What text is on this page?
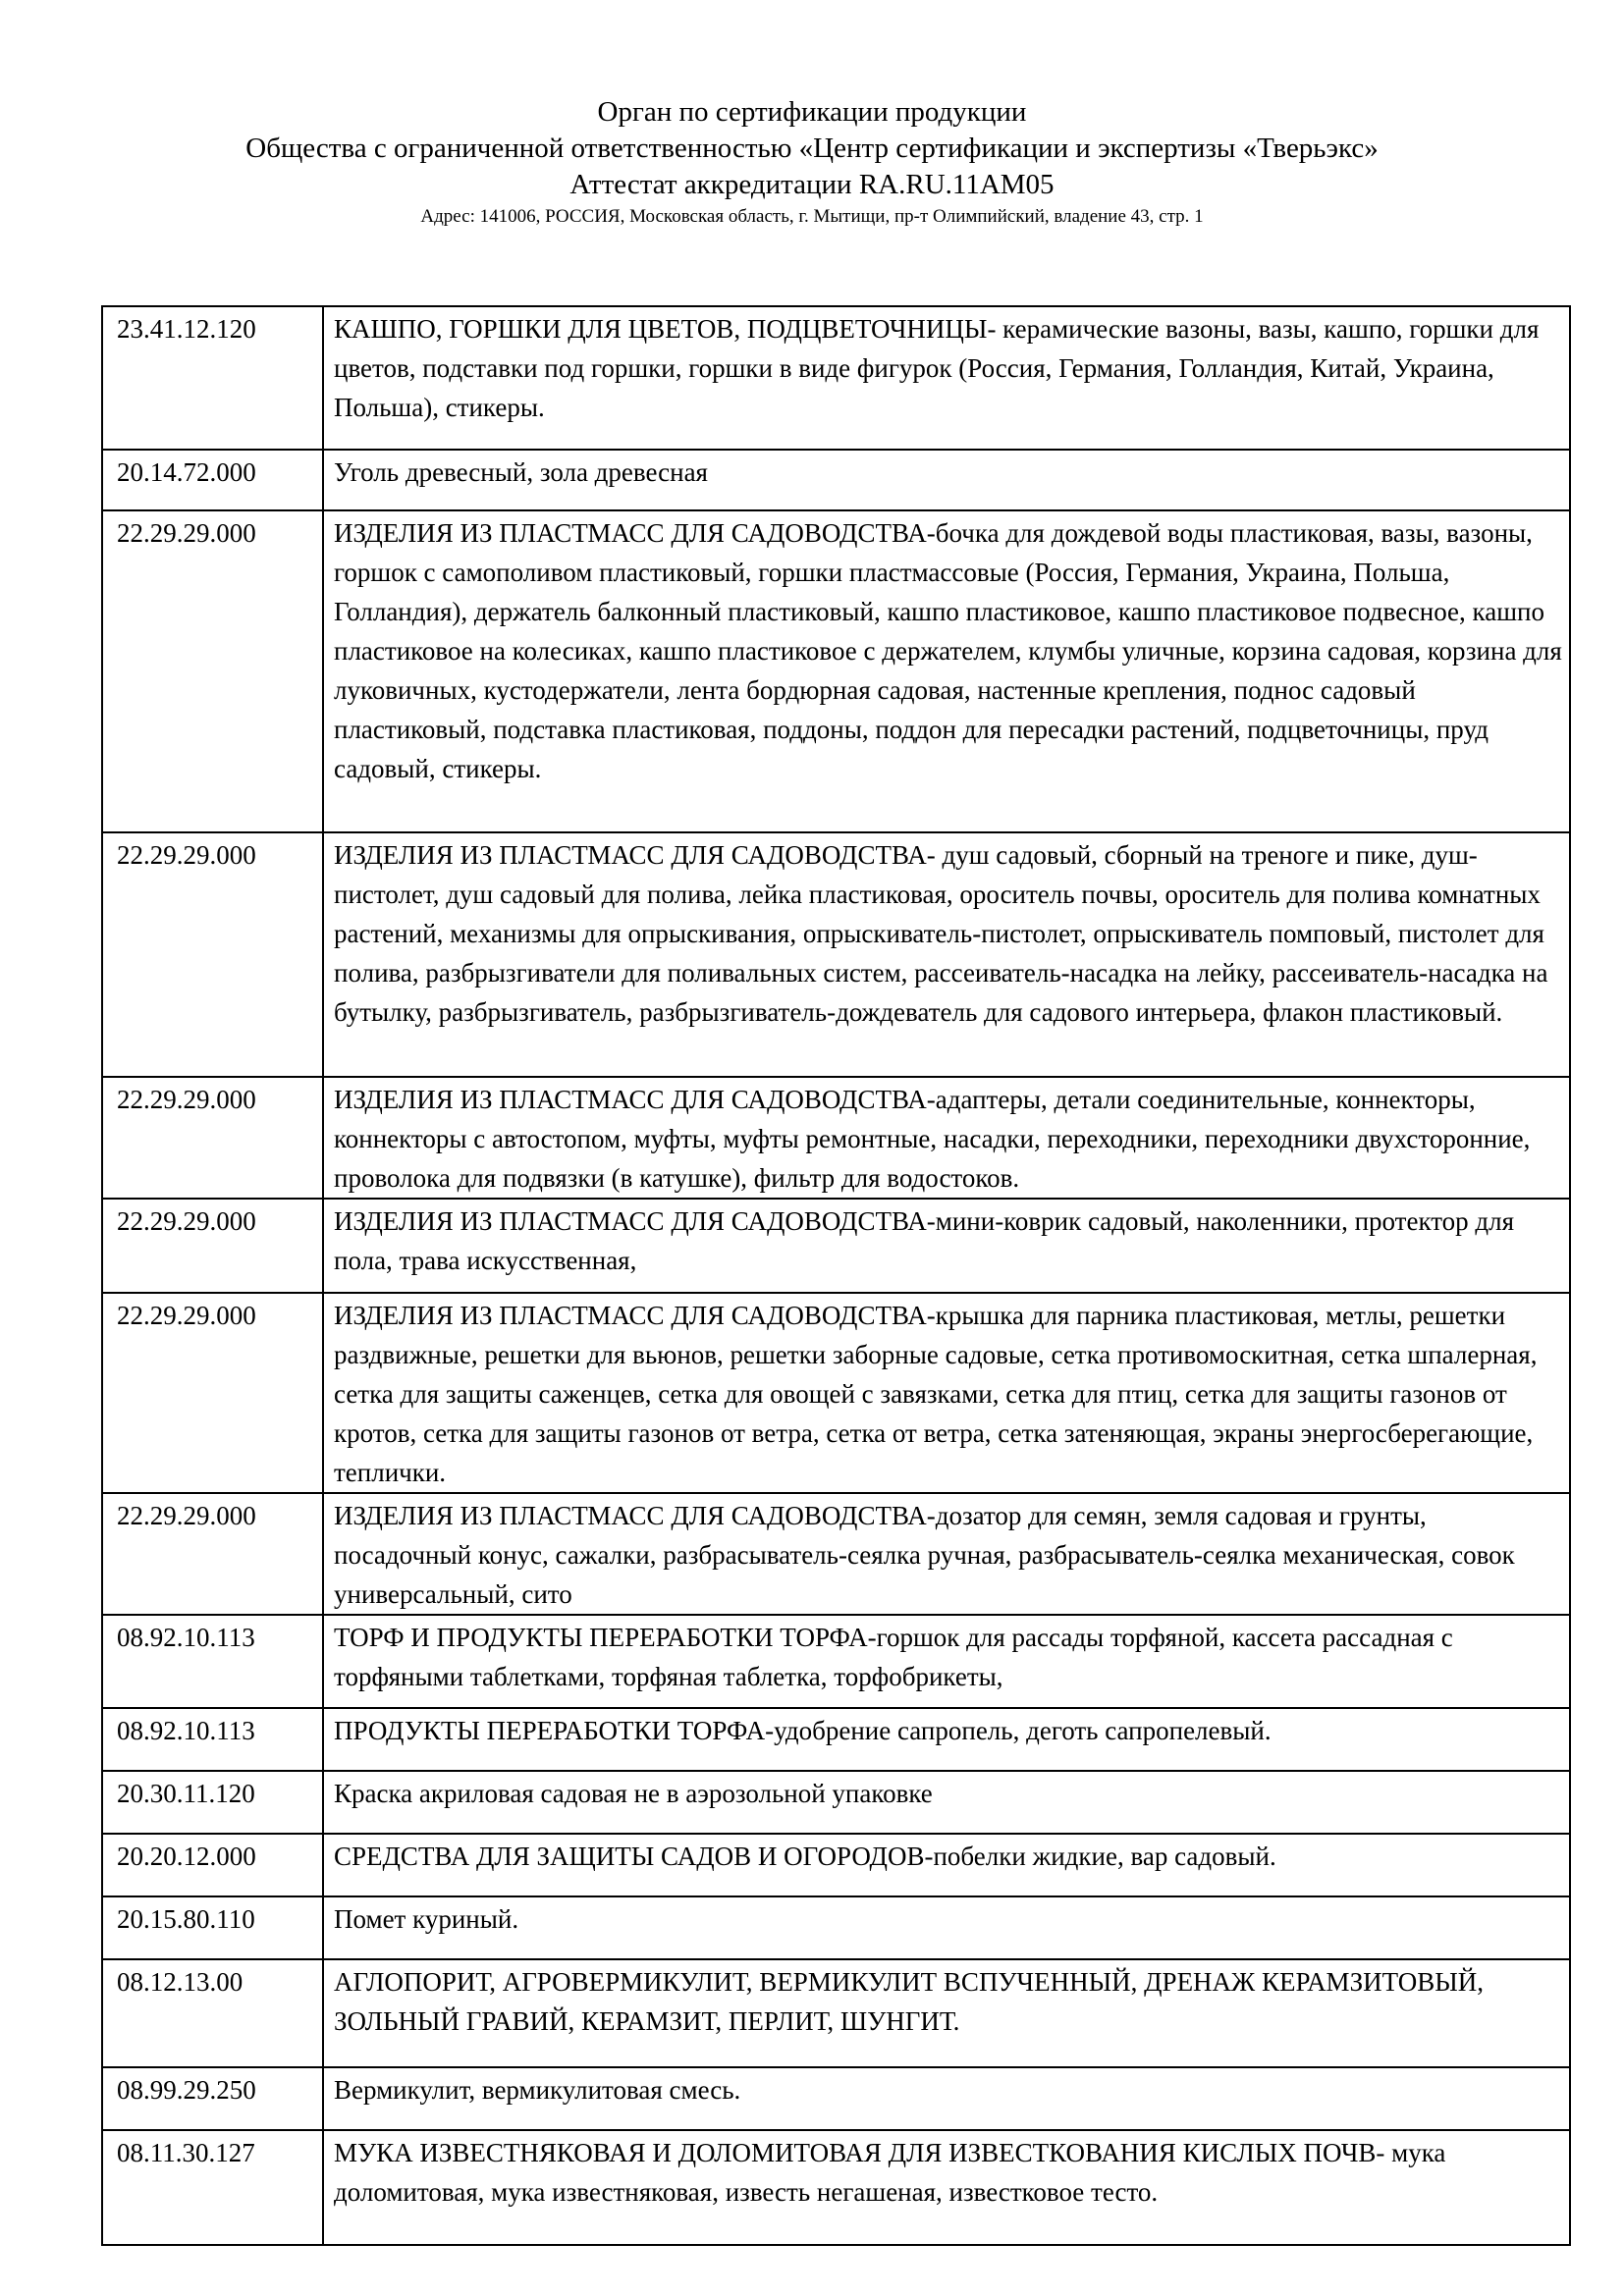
Орган по сертификации продукции
Общества с ограниченной ответственностью «Центр сертификации и экспертизы «Тверьэкс»
Аттестат аккредитации RA.RU.11AM05
Адрес: 141006, РОССИЯ, Московская область, г. Мытищи, пр-т Олимпийский, владение 43, стр. 1
23.41.12.120	КАШПО, ГОРШКИ ДЛЯ ЦВЕТОВ, ПОДЦВЕТОЧНИЦЫ- керамические вазоны, вазы, кашпо, горшки для цветов, подставки под горшки, горшки в виде фигурок (Россия, Германия, Голландия, Китай, Украина, Польша), стикеры.
20.14.72.000	Уголь древесный, зола древесная
22.29.29.000	ИЗДЕЛИЯ ИЗ ПЛАСТМАСС ДЛЯ САДОВОДСТВА-бочка для дождевой воды пластиковая, вазы, вазоны, горшок с самополивом пластиковый, горшки пластмассовые (Россия, Германия, Украина, Польша, Голландия), держатель балконный пластиковый, кашпо пластиковое, кашпо пластиковое подвесное, кашпо пластиковое на колесиках, кашпо пластиковое с держателем, клумбы уличные, корзина садовая, корзина для луковичных, кустодержатели, лента бордюрная садовая, настенные крепления, поднос садовый пластиковый, подставка пластиковая, поддоны, поддон для пересадки растений, подцветочницы, пруд садовый, стикеры.
22.29.29.000	ИЗДЕЛИЯ ИЗ ПЛАСТМАСС ДЛЯ САДОВОДСТВА- душ садовый, сборный на треноге и пике, душ-пистолет, душ садовый для полива, лейка пластиковая, ороситель почвы, ороситель для полива комнатных растений, механизмы для опрыскивания, опрыскиватель-пистолет, опрыскиватель помповый, пистолет для полива, разбрызгиватели для поливальных систем, рассеиватель-насадка на лейку, рассеиватель-насадка на бутылку, разбрызгиватель, разбрызгиватель-дождеватель для садового интерьера, флакон пластиковый.
22.29.29.000	ИЗДЕЛИЯ ИЗ ПЛАСТМАСС ДЛЯ САДОВОДСТВА-адаптеры, детали соединительные, коннекторы, коннекторы с автостопом, муфты, муфты ремонтные, насадки, переходники, переходники двухсторонние, проволока для подвязки (в катушке), фильтр для водостоков.
22.29.29.000	ИЗДЕЛИЯ ИЗ ПЛАСТМАСС ДЛЯ САДОВОДСТВА-мини-коврик садовый, наколенники, протектор для пола, трава искусственная,
22.29.29.000	ИЗДЕЛИЯ ИЗ ПЛАСТМАСС ДЛЯ САДОВОДСТВА-крышка для парника пластиковая, метлы, решетки раздвижные, решетки для вьюнов, решетки заборные садовые, сетка противомоскитная, сетка шпалерная, сетка для защиты саженцев, сетка для овощей с завязками, сетка для птиц, сетка для защиты газонов от кротов, сетка для защиты газонов от ветра, сетка от ветра, сетка затеняющая, экраны энергосберегающие, теплички.
22.29.29.000	ИЗДЕЛИЯ ИЗ ПЛАСТМАСС ДЛЯ САДОВОДСТВА-дозатор для семян, земля садовая и грунты, посадочный конус, сажалки, разбрасыватель-сеялка ручная, разбрасыватель-сеялка механическая, совок универсальный, сито
08.92.10.113	ТОРФ И ПРОДУКТЫ ПЕРЕРАБОТКИ ТОРФА-горшок для рассады торфяной, кассета рассадная с торфяными таблетками, торфяная таблетка, торфобрикеты,
08.92.10.113	ПРОДУКТЫ ПЕРЕРАБОТКИ ТОРФА-удобрение сапропель, деготь сапропелевый.
20.30.11.120	Краска акриловая садовая не в аэрозольной упаковке
20.20.12.000	СРЕДСТВА ДЛЯ ЗАЩИТЫ САДОВ И ОГОРОДОВ-побелки жидкие, вар садовый.
20.15.80.110	Помет куриный.
08.12.13.00	АГЛОПОРИТ, АГРОВЕРМИКУЛИТ, ВЕРМИКУЛИТ ВСПУЧЕННЫЙ, ДРЕНАЖ КЕРАМЗИТОВЫЙ, ЗОЛЬНЫЙ ГРАВИЙ, КЕРАМЗИТ, ПЕРЛИТ, ШУНГИТ.
08.99.29.250	Вермикулит, вермикулитовая смесь.
08.11.30.127	МУКА ИЗВЕСТНЯКОВАЯ И ДОЛОМИТОВАЯ ДЛЯ ИЗВЕСТКОВАНИЯ КИСЛЫХ ПОЧВ- мука доломитовая, мука известняковая, известь негашеная, известковое тесто.
